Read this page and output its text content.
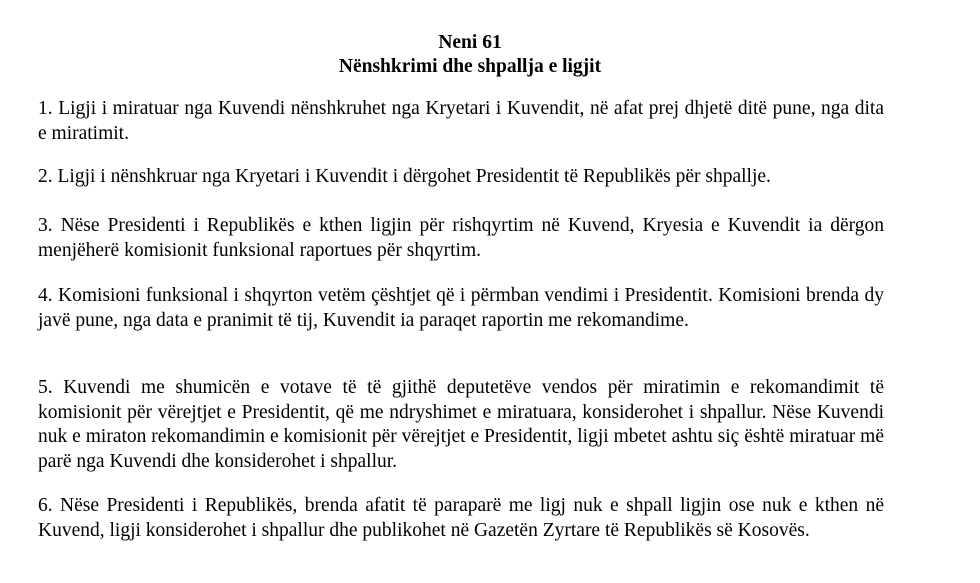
Neni 61
Nënshkrimi dhe shpallja e ligjit

1. Ligji i miratuar nga Kuvendi nënshkruhet nga Kryetari i Kuvendit, në afat prej dhjetë ditë pune, nga dita e miratimit.

2. Ligji i nënshkruar nga Kryetari i Kuvendit i dërgohet Presidentit të Republikës për shpallje.

3. Nëse Presidenti i Republikës e kthen ligjin për rishqyrtim në Kuvend, Kryesia e Kuvendit ia dërgon menjëherë komisionit funksional raportues për shqyrtim.

4. Komisioni funksional i shqyrton vetëm çështjet që i përmban vendimi i Presidentit. Komisioni brenda dy javë pune, nga data e pranimit të tij, Kuvendit ia paraqet raportin me rekomandime.

5. Kuvendi me shumicën e votave të të gjithë deputetëve vendos për miratimin e rekomandimit të komisionit për vërejtjet e Presidentit, që me ndryshimet e miratuara, konsiderohet i shpallur. Nëse Kuvendi nuk e miraton rekomandimin e komisionit për vërejtjet e Presidentit, ligji mbetet ashtu siç është miratuar më parë nga Kuvendi dhe konsiderohet i shpallur.

6. Nëse Presidenti i Republikës, brenda afatit të paraparë me ligj nuk e shpall ligjin ose nuk e kthen në Kuvend, ligji konsiderohet i shpallur dhe publikohet në Gazetën Zyrtare të Republikës së Kosovës.
